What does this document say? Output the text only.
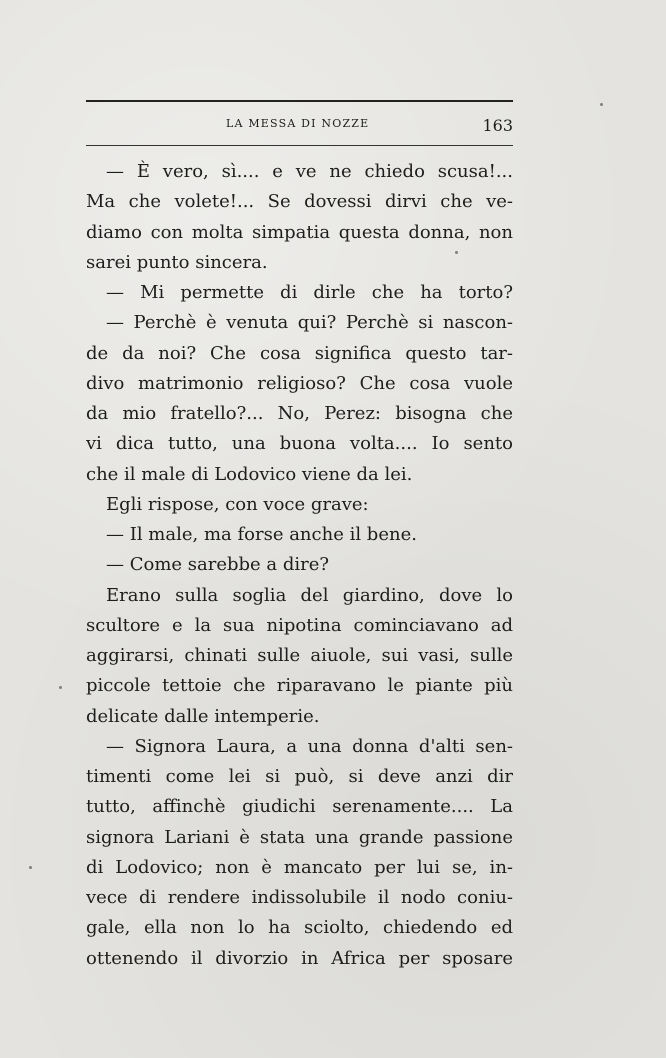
LA MESSA DI NOZZE	163
— È vero, sì.... e ve ne chiedo scusa!...
Ma che volete!... Se dovessi dirvi che ve-
diamo con molta simpatia questa donna, non
sarei punto sincera.
— Mi permette di dirle che ha torto?
— Perchè è venuta qui? Perchè si nascon-
de da noi? Che cosa significa questo tar-
divo matrimonio religioso? Che cosa vuole
da mio fratello?... No, Perez: bisogna che
vi dica tutto, una buona volta.... Io sento
che il male di Lodovico viene da lei.
Egli rispose, con voce grave:
— Il male, ma forse anche il bene.
— Come sarebbe a dire?
Erano sulla soglia del giardino, dove lo
scultore e la sua nipotina cominciavano ad
aggirarsi, chinati sulle aiuole, sui vasi, sulle
piccole tettoie che riparavano le piante più
delicate dalle intemperie.
— Signora Laura, a una donna d'alti sen-
timenti come lei si può, si deve anzi dir
tutto, affinchè giudichi serenamente.... La
signora Lariani è stata una grande passione
di Lodovico; non è mancato per lui se, in-
vece di rendere indissolubile il nodo coniu-
gale, ella non lo ha sciolto, chiedendo ed
ottenendo il divorzio in Africa per sposare
